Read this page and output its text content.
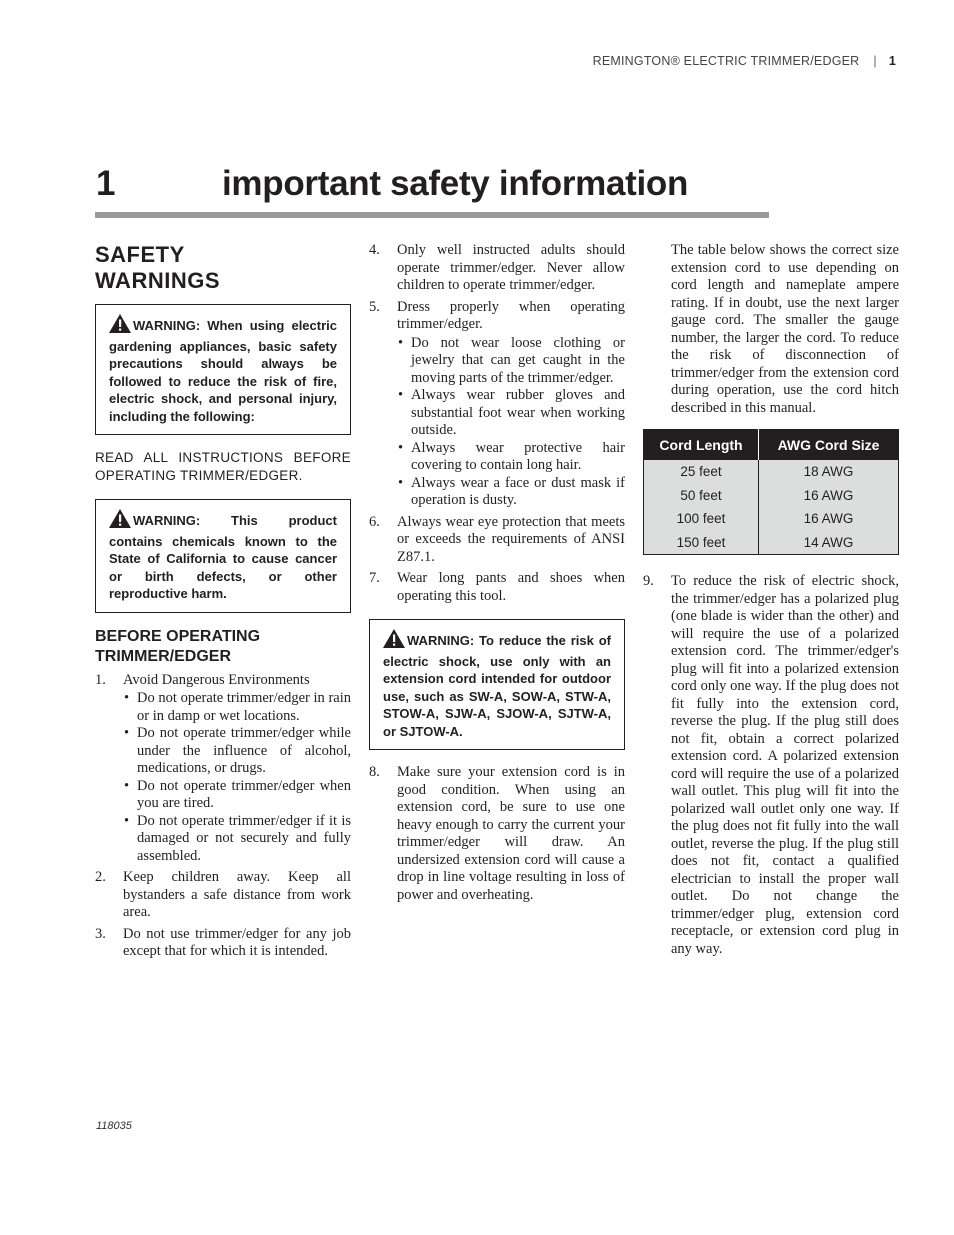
REMINGTON® ELECTRIC TRIMMER/EDGER | 1
1	important safety information
SAFETY
WARNINGS
WARNING: When using electric gardening appliances, basic safety precautions should always be followed to reduce the risk of fire, electric shock, and personal injury, including the following:
READ ALL INSTRUCTIONS BEFORE OPERATING TRIMMER/EDGER.
WARNING: This product contains chemicals known to the State of California to cause cancer or birth defects, or other reproductive harm.
BEFORE OPERATING TRIMMER/EDGER
1. Avoid Dangerous Environments
• Do not operate trimmer/edger in rain or in damp or wet locations.
• Do not operate trimmer/edger while under the influence of alcohol, medications, or drugs.
• Do not operate trimmer/edger when you are tired.
• Do not operate trimmer/edger if it is damaged or not securely and fully assembled.
2. Keep children away. Keep all bystanders a safe distance from work area.
3. Do not use trimmer/edger for any job except that for which it is intended.
4. Only well instructed adults should operate trimmer/edger. Never allow children to operate trimmer/edger.
5. Dress properly when operating trimmer/edger.
• Do not wear loose clothing or jewelry that can get caught in the moving parts of the trimmer/edger.
• Always wear rubber gloves and substantial foot wear when working outside.
• Always wear protective hair covering to contain long hair.
• Always wear a face or dust mask if operation is dusty.
6. Always wear eye protection that meets or exceeds the requirements of ANSI Z87.1.
7. Wear long pants and shoes when operating this tool.
WARNING: To reduce the risk of electric shock, use only with an extension cord intended for outdoor use, such as SW-A, SOW-A, STW-A, STOW-A, SJW-A, SJOW-A, SJTW-A, or SJTOW-A.
8. Make sure your extension cord is in good condition. When using an extension cord, be sure to use one heavy enough to carry the current your trimmer/edger will draw. An undersized extension cord will cause a drop in line voltage resulting in loss of power and overheating.

The table below shows the correct size extension cord to use depending on cord length and nameplate ampere rating. If in doubt, use the next larger gauge cord. The smaller the gauge number, the larger the cord. To reduce the risk of disconnection of trimmer/edger from the extension cord during operation, use the cord hitch described in this manual.

Cord Length	AWG Cord Size
25 feet	18 AWG
50 feet	16 AWG
100 feet	16 AWG
150 feet	14 AWG
9. To reduce the risk of electric shock, the trimmer/edger has a polarized plug (one blade is wider than the other) and will require the use of a polarized extension cord. The trimmer/edger's plug will fit into a polarized extension cord only one way. If the plug does not fit fully into the extension cord, reverse the plug. If the plug still does not fit, obtain a correct polarized extension cord. A polarized extension cord will require the use of a polarized wall outlet. This plug will fit into the polarized wall outlet only one way. If the plug does not fit fully into the wall outlet, reverse the plug. If the plug still does not fit, contact a qualified electrician to install the proper wall outlet. Do not change the trimmer/edger plug, extension cord receptacle, or extension cord plug in any way.
118035
